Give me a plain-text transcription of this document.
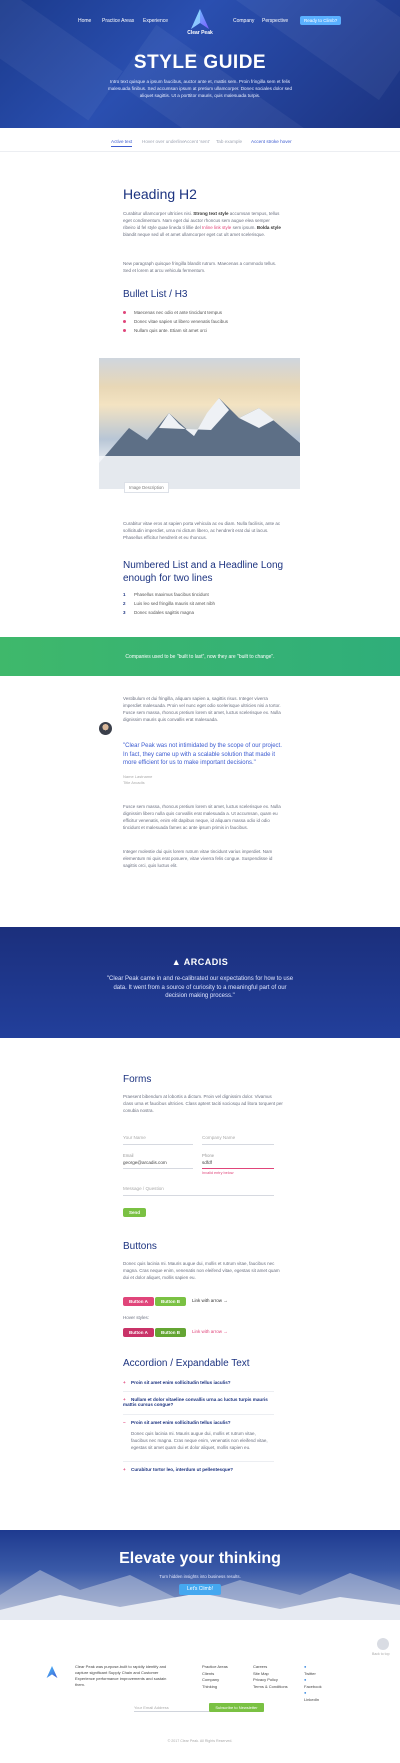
Home Practice Areas Experience	Company Perspective	Ready to Climb?
Clear Peak
STYLE GUIDE
Intro text quisque a ipsum faucibus, auctor ante et, mattis sem. Proin fringilla sem et felis malesuada finibus. Sed accumsan ipsum at pretium ullamcorper. Donec sociales dolor sed aliquet sagittis. Ut a porttitor mauris, quis malesuada turpis.
Active text Hover over underline Accent 'sent' Tab example Accent stroke hover
Heading H2
Curabitur ullamcorper ultricies nisi. Strong text style accumsan tempus, tellus eget condimentum. Nam eget dui auctor rhoncus sem augue elea semper ribeiro id fel style quae lineda ti lillie del Inline link style sem ipsum. Bolda style blandit neque sed ull et amet ullamcorper eget cut ult amet scelerisque.
New paragraph quisque fringilla blandit rutrum. Maecenas a commodo tellus. Sed et lorem at arcu vehicula fermentum.
Bullet List / H3
Maecenas nec odio et ante tincidunt tempus
Donec vitae sapien ut libero venenatis faucibus
Nullam quis ante. Etiam sit amet orci
Image Description
Curabitur vitae eros at sapien porta vehicula ac eu diam. Nulla facilisis, ante ac sollicitudin imperdiet, urna mi dictum libero, ac hendrerit erat dui ut lacus. Phasellus efficitur hendrerit et eu rhoncus.
Numbered List and a Headline Long enough for two lines
1 Phasellus maximus faucibus tincidunt
2 Luis leo sed fringilla mauris sit amet nibh
3 Donec sodales sagittis magna
Companies used to be "built to last", now they are "built to change".
Vestibulum et dui fringilla, aliquam sapien a, sagittis risus. Integer viverra imperdiet malesuada. Proin vel nunc eget odio scelerisque ultricies nisi a tortor. Fusce sem massa, rhoncus pretium lorem sit amet, luctus scelerisque ex. Nulla dignissim mauris quis convallis erat malesuada.
"Clear Peak was not intimidated by the scope of our project. In fact, they came up with a scalable solution that made it more efficient for us to make important decisions."
Name Lastname
Title Arcadis
Fusce sem massa, rhoncus pretium lorem sit amet, luctus scelerisque ex. Nulla dignissim libero nulla quis convallis erat malesuada a. Ut accumsan, quam eu efficitur venenatis, enim elit dapibus neque, id aliquam massa odio id odio tincidunt et malesuada fames ac ante ipsum primis in faucibus.
Integer molestie dui quis lorem rutrum vitae tincidunt varius imperdiet. Nam elementum mi quis erat posuere, vitae viverra felis congue. Suspendisse id sagittis orci, quis luctus elit.
▲ ARCADIS
"Clear Peak came in and re-calibrated our expectations for how to use data. It went from a source of curiosity to a meaningful part of our decision making process."
Forms
Praesent bibendum at lobortis a dictum. Proin vel dignissim dolor. Vivamus class urna et faucibus ultricies. Class aptent taciti sociosqu ad litora torquent per conubia nostra.
Your Name	Company Name
Email
george@arcadis.com
Phone
sdfdf
Invalid entry below
Message / Question
Send
Buttons
Donec quis lacinia mi. Mauris augue dui, mollis et rutrum vitae, faucibus nec magna. Cras neque enim, venenatis non eleifend vitae, egestas sit amet quam dui et dolor aliquet, mollis sapien eu.
Button A	Button B	Link with arrow →
Hover styles:
Button A	Button B	Link with arrow →
Accordion / Expandable Text
+ Proin sit amet enim sollicitudin tellus iaculis?
+ Nullam et dolor vitaeline convallis urna ac luctus turpis mauris mattis cursus congue?
− Proin sit amet enim sollicitudin tellus iaculis?
Donec quis lacinia mi. Mauris augue dui, mollis et rutrum vitae, faucibus nec magna. Cras neque enim, venenatis non eleifend vitae, egestas sit amet quam dui et dolor aliquet, mollis sapien eu.
+ Curabitur tortor leo, interdum ut pellentesque?
Elevate your thinking
Turn hidden insights into business results.
Let's Climb!
Clear Peak was purpose-built to rapidly identify and capture significant Supply Chain and Customer Experience performance improvements and sustain them.
Practice Areas
Clients
Company
Thinking
Careers
Site Map
Privacy Policy
Terms & Conditions
●
Twitter
●
Facebook
●
LinkedIn
Your Email Address	Subscribe to Newsletter
© 2017 Clear Peak. All Rights Reserved.
Back to top
